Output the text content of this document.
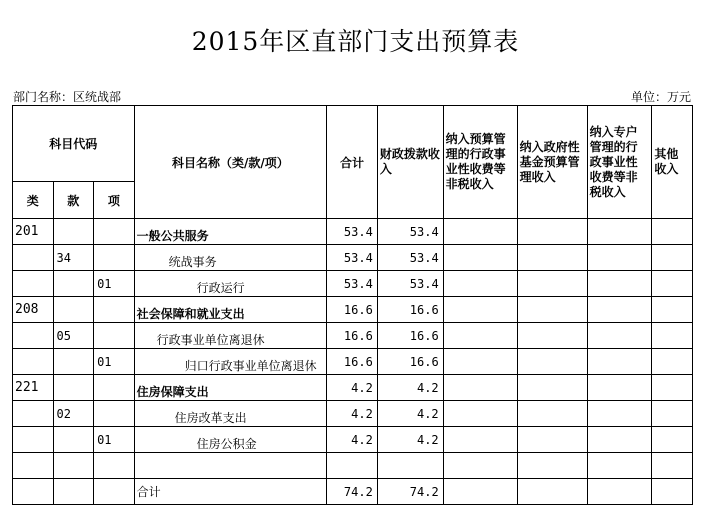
2015年区直部门支出预算表
部门名称：区统战部	单位：万元
科目代码			科目名称（类/款/项）	合计	财政拨款收入	纳入预算管理的行政事业性收费等非税收入	纳入政府性基金预算管理收入	纳入专户管理的行政事业性收费等非税收入	其他收入
类	款	项							
201			一般公共服务	53.4	53.4				
	34		统战事务	53.4	53.4				
		01	行政运行	53.4	53.4				
208			社会保障和就业支出	16.6	16.6				
	05		行政事业单位离退休	16.6	16.6				
		01	归口行政事业单位离退休	16.6	16.6				
221			住房保障支出	4.2	4.2				
	02		住房改革支出	4.2	4.2				
		01	住房公积金	4.2	4.2				

			合计	74.2	74.2				
